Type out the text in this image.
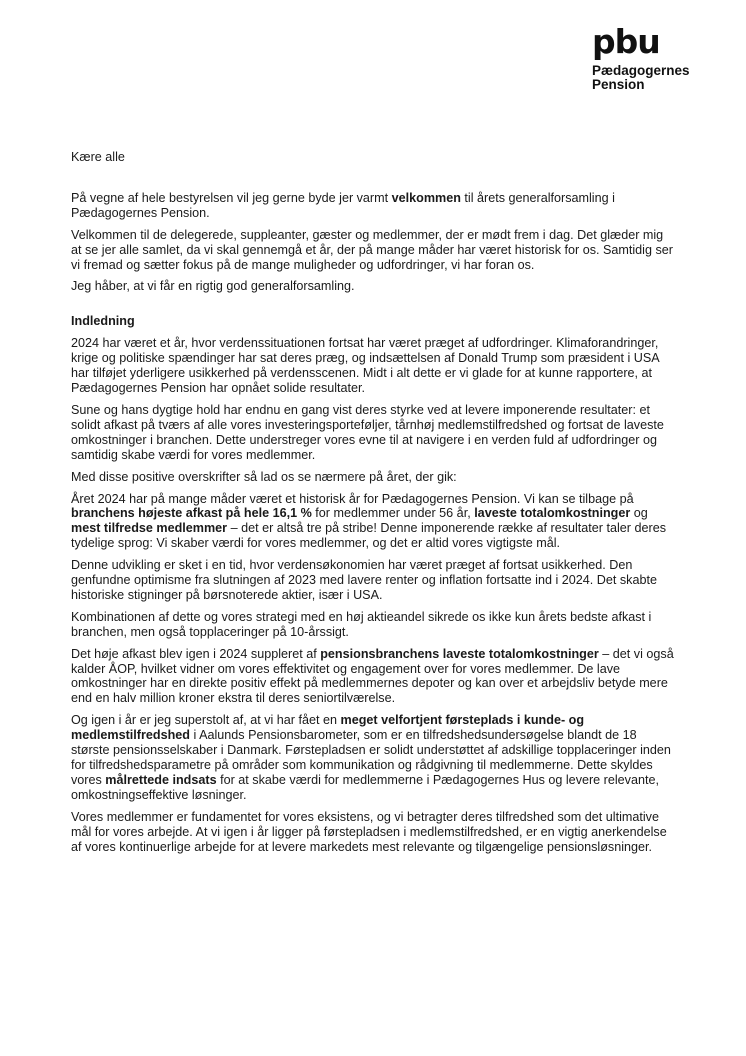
pbu
Pædagogernes
Pension

Kære alle

På vegne af hele bestyrelsen vil jeg gerne byde jer varmt velkommen til årets generalforsamling i Pædagogernes Pension.

Velkommen til de delegerede, suppleanter, gæster og medlemmer, der er mødt frem i dag. Det glæder mig at se jer alle samlet, da vi skal gennemgå et år, der på mange måder har været historisk for os. Samtidig ser vi fremad og sætter fokus på de mange muligheder og udfordringer, vi har foran os.

Jeg håber, at vi får en rigtig god generalforsamling.

Indledning

2024 har været et år, hvor verdenssituationen fortsat har været præget af udfordringer. Klimaforandringer, krige og politiske spændinger har sat deres præg, og indsættelsen af Donald Trump som præsident i USA har tilføjet yderligere usikkerhed på verdensscenen. Midt i alt dette er vi glade for at kunne rapportere, at Pædagogernes Pension har opnået solide resultater.

Sune og hans dygtige hold har endnu en gang vist deres styrke ved at levere imponerende resultater: et solidt afkast på tværs af alle vores investeringsporteføljer, tårnhøj medlemstilfredshed og fortsat de laveste omkostninger i branchen. Dette understreger vores evne til at navigere i en verden fuld af udfordringer og samtidig skabe værdi for vores medlemmer.

Med disse positive overskrifter så lad os se nærmere på året, der gik:

Året 2024 har på mange måder været et historisk år for Pædagogernes Pension. Vi kan se tilbage på branchens højeste afkast på hele 16,1 % for medlemmer under 56 år, laveste totalomkostninger og mest tilfredse medlemmer – det er altså tre på stribe! Denne imponerende række af resultater taler deres tydelige sprog: Vi skaber værdi for vores medlemmer, og det er altid vores vigtigste mål.

Denne udvikling er sket i en tid, hvor verdensøkonomien har været præget af fortsat usikkerhed. Den genfundne optimisme fra slutningen af 2023 med lavere renter og inflation fortsatte ind i 2024. Det skabte historiske stigninger på børsnoterede aktier, især i USA.

Kombinationen af dette og vores strategi med en høj aktieandel sikrede os ikke kun årets bedste afkast i branchen, men også topplaceringer på 10-årssigt.

Det høje afkast blev igen i 2024 suppleret af pensionsbranchens laveste totalomkostninger – det vi også kalder ÅOP, hvilket vidner om vores effektivitet og engagement over for vores medlemmer. De lave omkostninger har en direkte positiv effekt på medlemmernes depoter og kan over et arbejdsliv betyde mere end en halv million kroner ekstra til deres seniortilværelse.

Og igen i år er jeg superstolt af, at vi har fået en meget velfortjent førsteplads i kunde- og medlemstilfredshed i Aalunds Pensionsbarometer, som er en tilfredshedsundersøgelse blandt de 18 største pensionsselskaber i Danmark. Førstepladsen er solidt understøttet af adskillige topplaceringer inden for tilfredshedsparametre på områder som kommunikation og rådgivning til medlemmerne. Dette skyldes vores målrettede indsats for at skabe værdi for medlemmerne i Pædagogernes Hus og levere relevante, omkostningseffektive løsninger.

Vores medlemmer er fundamentet for vores eksistens, og vi betragter deres tilfredshed som det ultimative mål for vores arbejde. At vi igen i år ligger på førstepladsen i medlemstilfredshed, er en vigtig anerkendelse af vores kontinuerlige arbejde for at levere markedets mest relevante og tilgængelige pensionsløsninger.
